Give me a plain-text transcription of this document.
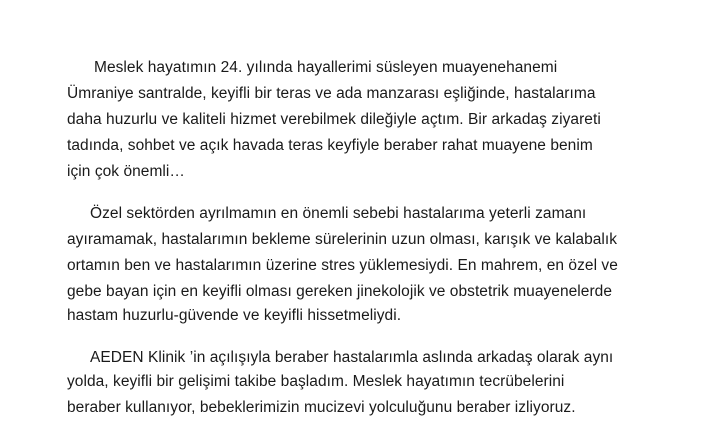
Meslek hayatımın 24. yılında hayallerimi süsleyen muayenehanemi
Ümraniye santralde, keyifli bir teras ve ada manzarası eşliğinde, hastalarıma
daha huzurlu ve kaliteli hizmet verebilmek dileğiyle açtım. Bir arkadaş ziyareti
tadında, sohbet ve açık havada teras keyfiyle beraber rahat muayene benim
için çok önemli…
Özel sektörden ayrılmamın en önemli sebebi hastalarıma yeterli zamanı
ayıramamak, hastalarımın bekleme sürelerinin uzun olması, karışık ve kalabalık
ortamın ben ve hastalarımın üzerine stres yüklemesiydi. En mahrem, en özel ve
gebe bayan için en keyifli olması gereken jinekolojik ve obstetrik muayenelerde
hastam huzurlu-güvende ve keyifli hissetmeliydi.
AEDEN Klinik ’in açılışıyla beraber hastalarımla aslında arkadaş olarak aynı
yolda, keyifli bir gelişimi takibe başladım. Meslek hayatımın tecrübelerini
beraber kullanıyor, bebeklerimizin mucizevi yolculuğunu beraber izliyoruz.
